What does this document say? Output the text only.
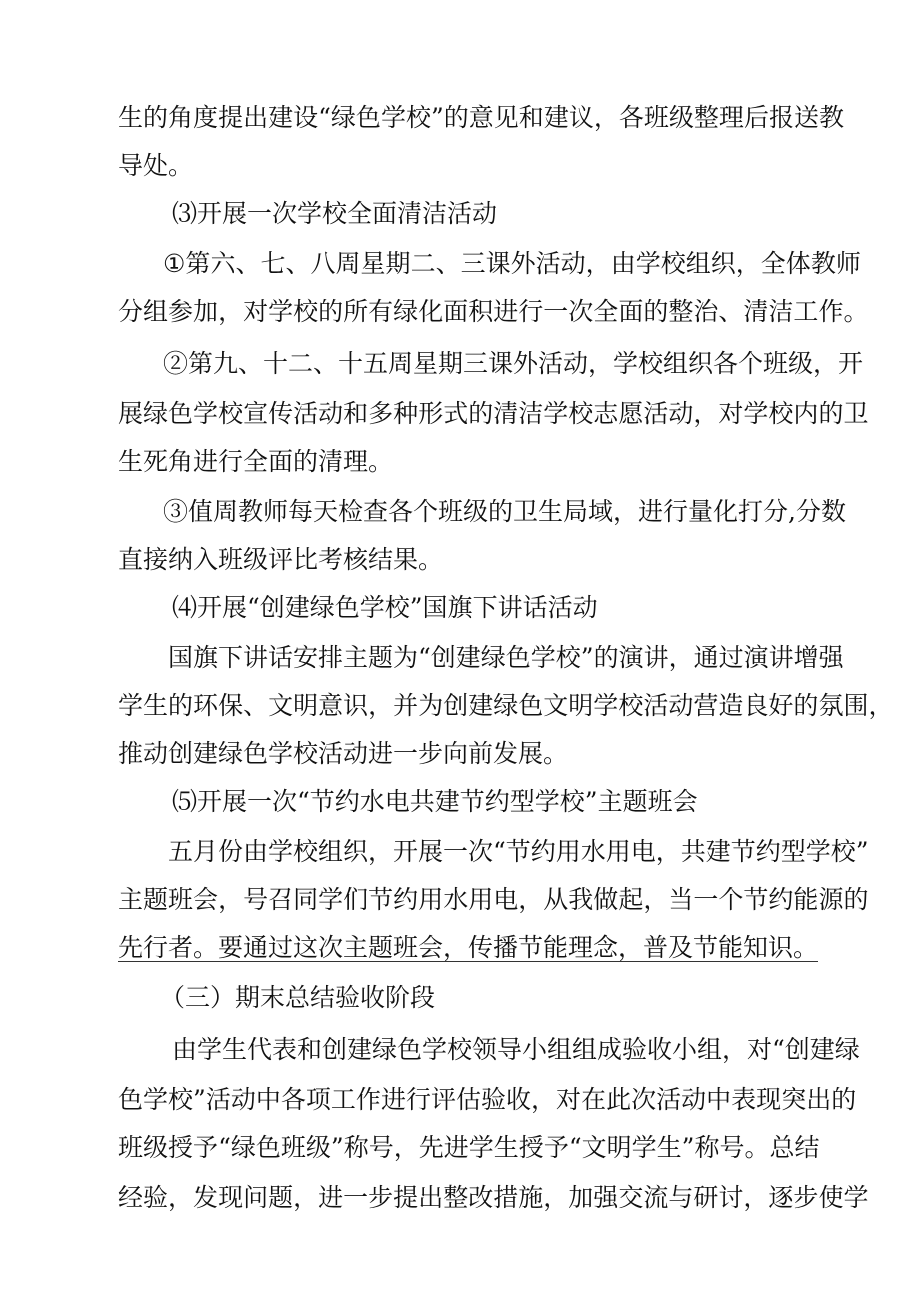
生 的 角 度 提 出 建 设 “ 绿 色 学 校 ” 的 意 见 和 建 议 ， 各 班 级 整 理 后 报 送 教
导处。
⑶开展一次学校全面清洁活动
① 第 六 、 七 、 八 周 星 期 二 、 三 课 外 活 动 ， 由 学 校 组 织 ， 全 体 教 师
分 组 参 加 ， 对 学 校 的 所 有 绿 化 面 积 进 行 一 次 全 面 的 整 治 、 清 洁 工 作 。
②第九、十二、十五周星期三课外活动，学校组织各个班级，开
展 绿 色 学 校 宣 传 活 动 和 多 种 形 式 的 清 洁 学 校 志 愿 活 动 ， 对 学 校 内 的 卫
生死角进行全面的清理。
③值周教师每天检查各个班级的卫生局域，进行量化打分,分数
直接纳入班级评比考核结果。
⑷开展“创建绿色学校”国旗下讲话活动
国旗下讲话安排主题为“创建绿色学校”的演讲，通过演讲增强
学 生 的 环 保 、 文 明 意 识 ， 并 为 创 建 绿 色 文 明 学 校 活 动 营 造 良 好 的 氛 围 ，
推动创建绿色学校活动进一步向前发展。
⑸开展一次“节约水电共建节约型学校”主题班会
五月份由学校组织，开展一次“节约用水用电，共建节约型学校”
主 题 班 会 ， 号 召 同 学 们 节 约 用 水 用 电 ， 从 我 做 起 ， 当 一 个 节 约 能 源 的
先行者。要通过这次主题班会，传播节能理念，普及节能知识。
（三）期末总结验收阶段
由学生代表和创建绿色学校领导小组组成验收小组，对“创建绿
色 学 校 ” 活 动 中 各 项 工 作 进 行 评 估 验 收 ， 对 在 此 次 活 动 中 表 现 突 出 的
班 级 授 予 “ 绿 色 班 级 ” 称 号 ， 先 进 学 生 授 予 “ 文 明 学 生 ” 称 号 。 总 结
经 验 ， 发 现 问 题 ， 进 一 步 提 出 整 改 措 施 ， 加 强 交 流 与 研 讨 ， 逐 步 使 学
